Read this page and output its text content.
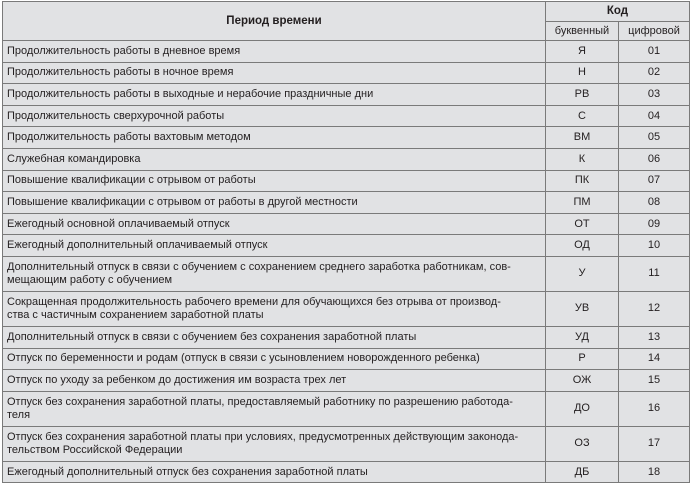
Период времени	Код	
	буквенный	цифровой
Продолжительность работы в дневное время	Я	01
Продолжительность работы в ночное время	Н	02
Продолжительность работы в выходные и нерабочие праздничные дни	РВ	03
Продолжительность сверхурочной работы	С	04
Продолжительность работы вахтовым методом	ВМ	05
Служебная командировка	К	06
Повышение квалификации с отрывом от работы	ПК	07
Повышение квалификации с отрывом от работы в другой местности	ПМ	08
Ежегодный основной оплачиваемый отпуск	ОТ	09
Ежегодный дополнительный оплачиваемый отпуск	ОД	10
Дополнительный отпуск в связи с обучением с сохранением среднего заработка работникам, сов-
мещающим работу с обучением	У	11
Сокращенная продолжительность рабочего времени для обучающихся без отрыва от производ-
ства с частичным сохранением заработной платы	УВ	12
Дополнительный отпуск в связи с обучением без сохранения заработной платы	УД	13
Отпуск по беременности и родам (отпуск в связи с усыновлением новорожденного ребенка)	Р	14
Отпуск по уходу за ребенком до достижения им возраста трех лет	ОЖ	15
Отпуск без сохранения заработной платы, предоставляемый работнику по разрешению работода-
теля	ДО	16
Отпуск без сохранения заработной платы при условиях, предусмотренных действующим законода-
тельством Российской Федерации	ОЗ	17
Ежегодный дополнительный отпуск без сохранения заработной платы	ДБ	18
